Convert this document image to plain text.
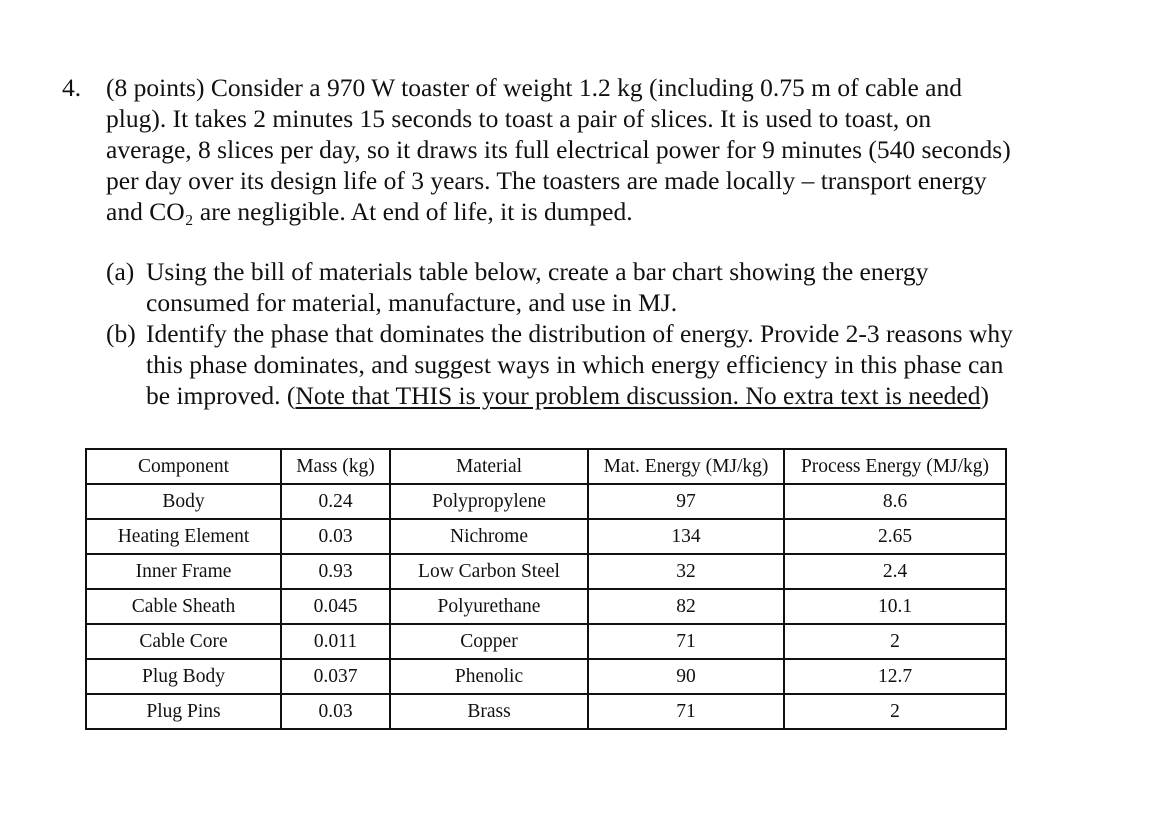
4. (8 points) Consider a 970 W toaster of weight 1.2 kg (including 0.75 m of cable and
plug). It takes 2 minutes 15 seconds to toast a pair of slices. It is used to toast, on
average, 8 slices per day, so it draws its full electrical power for 9 minutes (540 seconds)
per day over its design life of 3 years. The toasters are made locally – transport energy
and CO₂ are negligible. At end of life, it is dumped.
(a) Using the bill of materials table below, create a bar chart showing the energy
consumed for material, manufacture, and use in MJ.
(b) Identify the phase that dominates the distribution of energy. Provide 2-3 reasons why
this phase dominates, and suggest ways in which energy efficiency in this phase can
be improved. (Note that THIS is your problem discussion. No extra text is needed)
Component	Mass (kg)	Material	Mat. Energy (MJ/kg)	Process Energy (MJ/kg)
Body	0.24	Polypropylene	97	8.6
Heating Element	0.03	Nichrome	134	2.65
Inner Frame	0.93	Low Carbon Steel	32	2.4
Cable Sheath	0.045	Polyurethane	82	10.1
Cable Core	0.011	Copper	71	2
Plug Body	0.037	Phenolic	90	12.7
Plug Pins	0.03	Brass	71	2
